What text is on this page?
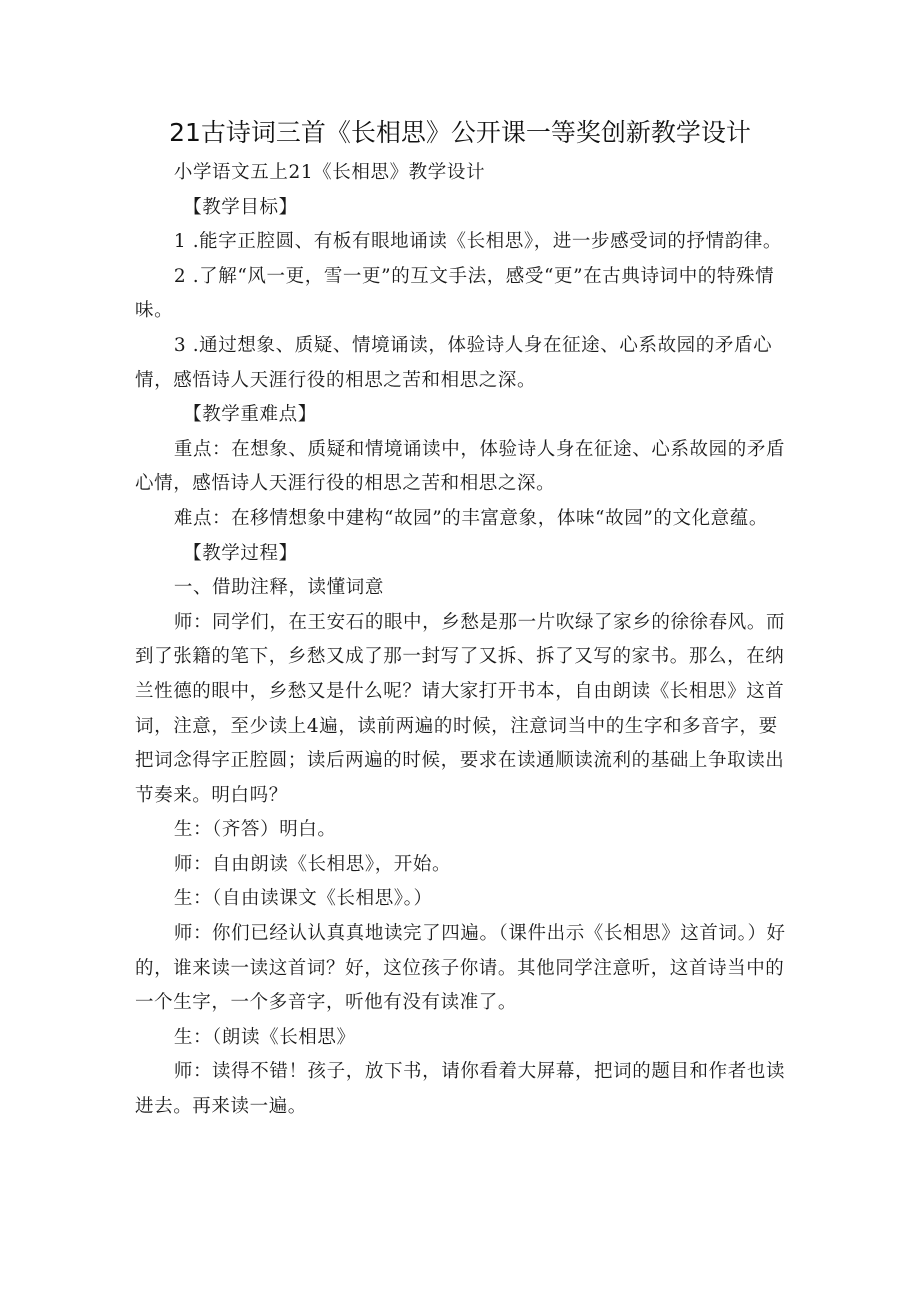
21古诗词三首《长相思》公开课一等奖创新教学设计

小学语文五上21《长相思》教学设计

【教学目标】

1 .能字正腔圆、有板有眼地诵读《长相思》，进一步感受词的抒情韵律。

2 .了解“风一更，雪一更”的互文手法，感受“更”在古典诗词中的特殊情味。

3 .通过想象、质疑、情境诵读，体验诗人身在征途、心系故园的矛盾心情，感悟诗人天涯行役的相思之苦和相思之深。

【教学重难点】

重点：在想象、质疑和情境诵读中，体验诗人身在征途、心系故园的矛盾心情，感悟诗人天涯行役的相思之苦和相思之深。

难点：在移情想象中建构“故园”的丰富意象，体味“故园”的文化意蕴。

【教学过程】

一、借助注释，读懂词意

师：同学们，在王安石的眼中，乡愁是那一片吹绿了家乡的徐徐春风。而到了张籍的笔下，乡愁又成了那一封写了又拆、拆了又写的家书。那么，在纳兰性德的眼中，乡愁又是什么呢？请大家打开书本，自由朗读《长相思》这首词，注意，至少读上4遍，读前两遍的时候，注意词当中的生字和多音字，要把词念得字正腔圆；读后两遍的时候，要求在读通顺读流利的基础上争取读出节奏来。明白吗？

生：（齐答）明白。

师：自由朗读《长相思》，开始。

生：（自由读课文《长相思》。）

师：你们已经认认真真地读完了四遍。（课件出示《长相思》这首词。）好的，谁来读一读这首词？好，这位孩子你请。其他同学注意听，这首诗当中的一个生字，一个多音字，听他有没有读准了。

生：（朗读《长相思》

师：读得不错！孩子，放下书，请你看着大屏幕，把词的题目和作者也读进去。再来读一遍。
